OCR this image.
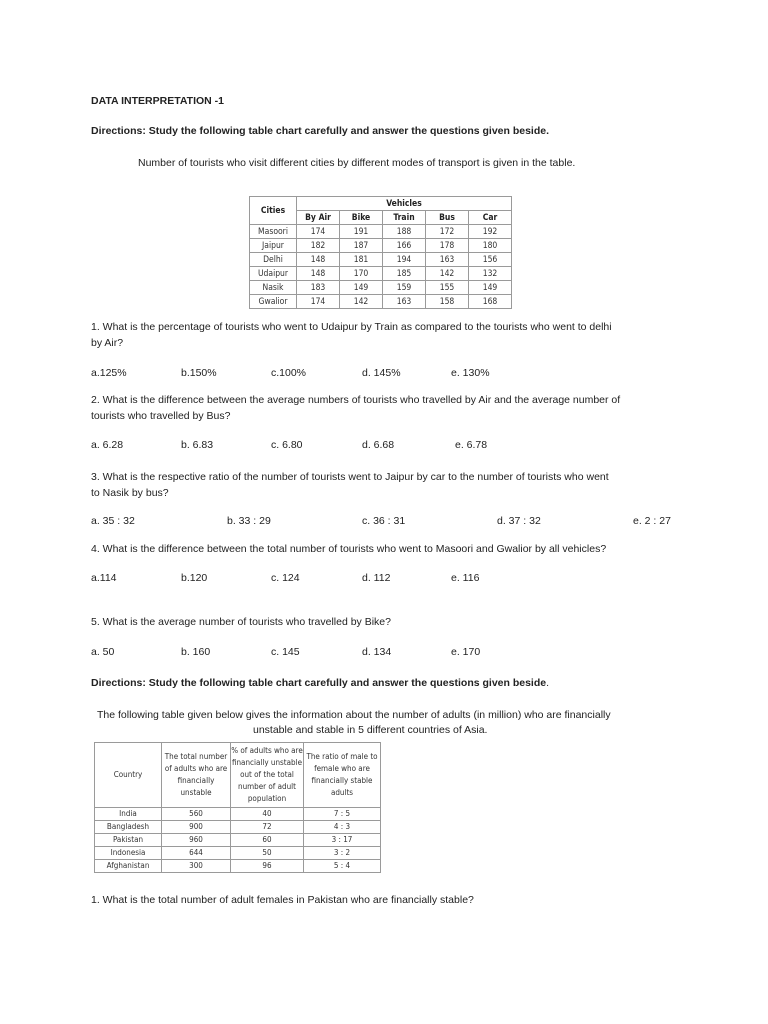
DATA INTERPRETATION -1
Directions: Study the following table chart carefully and answer the questions given beside.
Number of tourists who visit different cities by different modes of transport is given in the table.
Cities	Vehicles				
	By Air	Bike	Train	Bus	Car
Masoori	174	191	188	172	192
Jaipur	182	187	166	178	180
Delhi	148	181	194	163	156
Udaipur	148	170	185	142	132
Nasik	183	149	159	155	149
Gwalior	174	142	163	158	168
1. What is the percentage of tourists who went to Udaipur by Train as compared to the tourists who went to delhi
by Air?
a.125%	b.150%	c.100%	d. 145%	e. 130%
2. What is the difference between the average numbers of tourists who travelled by Air and the average number of
tourists who travelled by Bus?
a. 6.28	b. 6.83	c. 6.80	d. 6.68	e. 6.78
3. What is the respective ratio of the number of tourists went to Jaipur by car to the number of tourists who went
to Nasik by bus?
a. 35 : 32	b. 33 : 29	c. 36 : 31	d. 37 : 32	e. 2 : 27
4. What is the difference between the total number of tourists who went to Masoori and Gwalior by all vehicles?
a.114	b.120	c. 124	d. 112	e. 116
5. What is the average number of tourists who travelled by Bike?
a. 50	b. 160	c. 145	d. 134	e. 170
Directions: Study the following table chart carefully and answer the questions given beside.
The following table given below gives the information about the number of adults (in million) who are financially
unstable and stable in 5 different countries of Asia.
Country	The total number of adults who are financially unstable	% of adults who are financially unstable out of the total number of adult population	The ratio of male to female who are financially stable adults
India	560	40	7 : 5
Bangladesh	900	72	4 : 3
Pakistan	960	60	3 : 17
Indonesia	644	50	3 : 2
Afghanistan	300	96	5 : 4
1. What is the total number of adult females in Pakistan who are financially stable?
